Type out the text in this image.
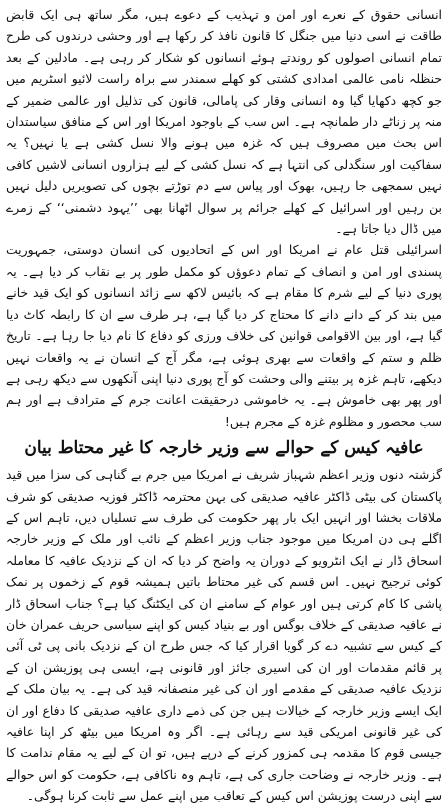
انسانی حقوق کے نعرے اور امن و تہذیب کے دعوے ہیں، مگر ساتھ ہی ایک قابض طاقت نے اسی دنیا میں جنگل کا قانون نافذ کر رکھا ہے اور وحشی درندوں کی طرح تمام انسانی اصولوں کو روندتے ہوئے انسانوں کو شکار کر رہی ہے۔ مادلین کے بعد حنظلہ نامی عالمی امدادی کشتی کو کھلے سمندر سے براہ راست لائیو اسٹریم میں جو کچھ دکھایا گیا وہ انسانی وقار کی پامالی، قانون کی تذلیل اور عالمی ضمیر کے منہ پر زناٹے دار طمانچہ ہے۔ اس سب کے باوجود امریکا اور اس کے منافق سیاستدان اس بحث میں مصروف ہیں کہ غزہ میں ہونے والا نسل کشی ہے یا نہیں؟ یہ سفاکیت اور سنگدلی کی انتہا ہے کہ نسل کشی کے لیے ہزاروں انسانی لاشیں کافی نہیں سمجھی جا رہیں، بھوک اور پیاس سے دم توڑتے بچوں کی تصویریں دلیل نہیں بن رہیں اور اسرائیل کے کھلے جرائم پر سوال اٹھانا بھی ’’یہود دشمنی‘‘ کے زمرے میں ڈال دیا جاتا ہے۔

اسرائیلی قتل عام نے امریکا اور اس کے اتحادیوں کی انسان دوستی، جمہوریت پسندی اور امن و انصاف کے تمام دعوؤں کو مکمل طور پر بے نقاب کر دیا ہے۔ یہ پوری دنیا کے لیے شرم کا مقام ہے کہ بائیس لاکھ سے زائد انسانوں کو ایک قید خانے میں بند کر کے دانے دانے کا محتاج کر دیا گیا ہے، ہر طرف سے ان کا رابطہ کاٹ دیا گیا ہے، اور بین الاقوامی قوانین کی خلاف ورزی کو دفاع کا نام دیا جا رہا ہے۔ تاریخ ظلم و ستم کے واقعات سے بھری ہوئی ہے، مگر آج کے انسان نے یہ واقعات نہیں دیکھے، تاہم غزہ پر بیتنے والی وحشت کو آج پوری دنیا اپنی آنکھوں سے دیکھ رہی ہے اور پھر بھی خاموش ہے۔ یہ خاموشی درحقیقت اعانت جرم کے مترادف ہے اور ہم سب محصور و مظلوم غزہ کے مجرم ہیں!

عافیہ کیس کے حوالے سے وزیر خارجہ کا غیر محتاط بیان

گزشتہ دنوں وزیر اعظم شہباز شریف نے امریکا میں جرم بے گناہی کی سزا میں قید پاکستان کی بیٹی ڈاکٹر عافیہ صدیقی کی بہن محترمہ ڈاکٹر فوزیہ صدیقی کو شرف ملاقات بخشا اور انہیں ایک بار پھر حکومت کی طرف سے تسلیاں دیں، تاہم اس کے اگلے ہی دن امریکا میں موجود جناب وزیر اعظم کے نائب اور ملک کے وزیر خارجہ اسحاق ڈار نے ایک انٹرویو کے دوران یہ واضح کر دیا کہ ان کے نزدیک عافیہ کا معاملہ کوئی ترجیح نہیں۔ اس قسم کی غیر محتاط باتیں ہمیشہ قوم کے زخموں پر نمک پاشی کا کام کرتی ہیں اور عوام کے سامنے ان کی ایکٹنگ کیا ہے؟ جناب اسحاق ڈار نے عافیہ صدیقی کے خلاف بوگس اور بے بنیاد کیس کو اپنے سیاسی حریف عمران خان کے کیس سے تشبیہ دے کر گویا اقرار کیا کہ جس طرح ان کے نزدیک بانی پی ٹی آئی پر قائم مقدمات اور ان کی اسیری جائز اور قانونی ہے، ایسی ہی پوزیشن ان کے نزدیک عافیہ صدیقی کے مقدمے اور ان کی غیر منصفانہ قید کی ہے۔ یہ بیان ملک کے ایک ایسے وزیر خارجہ کے خیالات ہیں جن کی ذمے داری عافیہ صدیقی کا دفاع اور ان کی غیر قانونی امریکی قید سے رہائی ہے۔ اگر وہ امریکا میں بیٹھ کر اپنا عافیہ جیسی قوم کا مقدمہ ہی کمزور کرنے کے درپے ہیں، تو ان کے لیے یہ مقام ندامت کا ہے۔ وزیر خارجہ نے وضاحت جاری کی ہے، تاہم وہ ناکافی ہے، حکومت کو اس حوالے سے اپنی درست پوزیشن اس کیس کے تعاقب میں اپنے عمل سے ثابت کرنا ہوگی۔
